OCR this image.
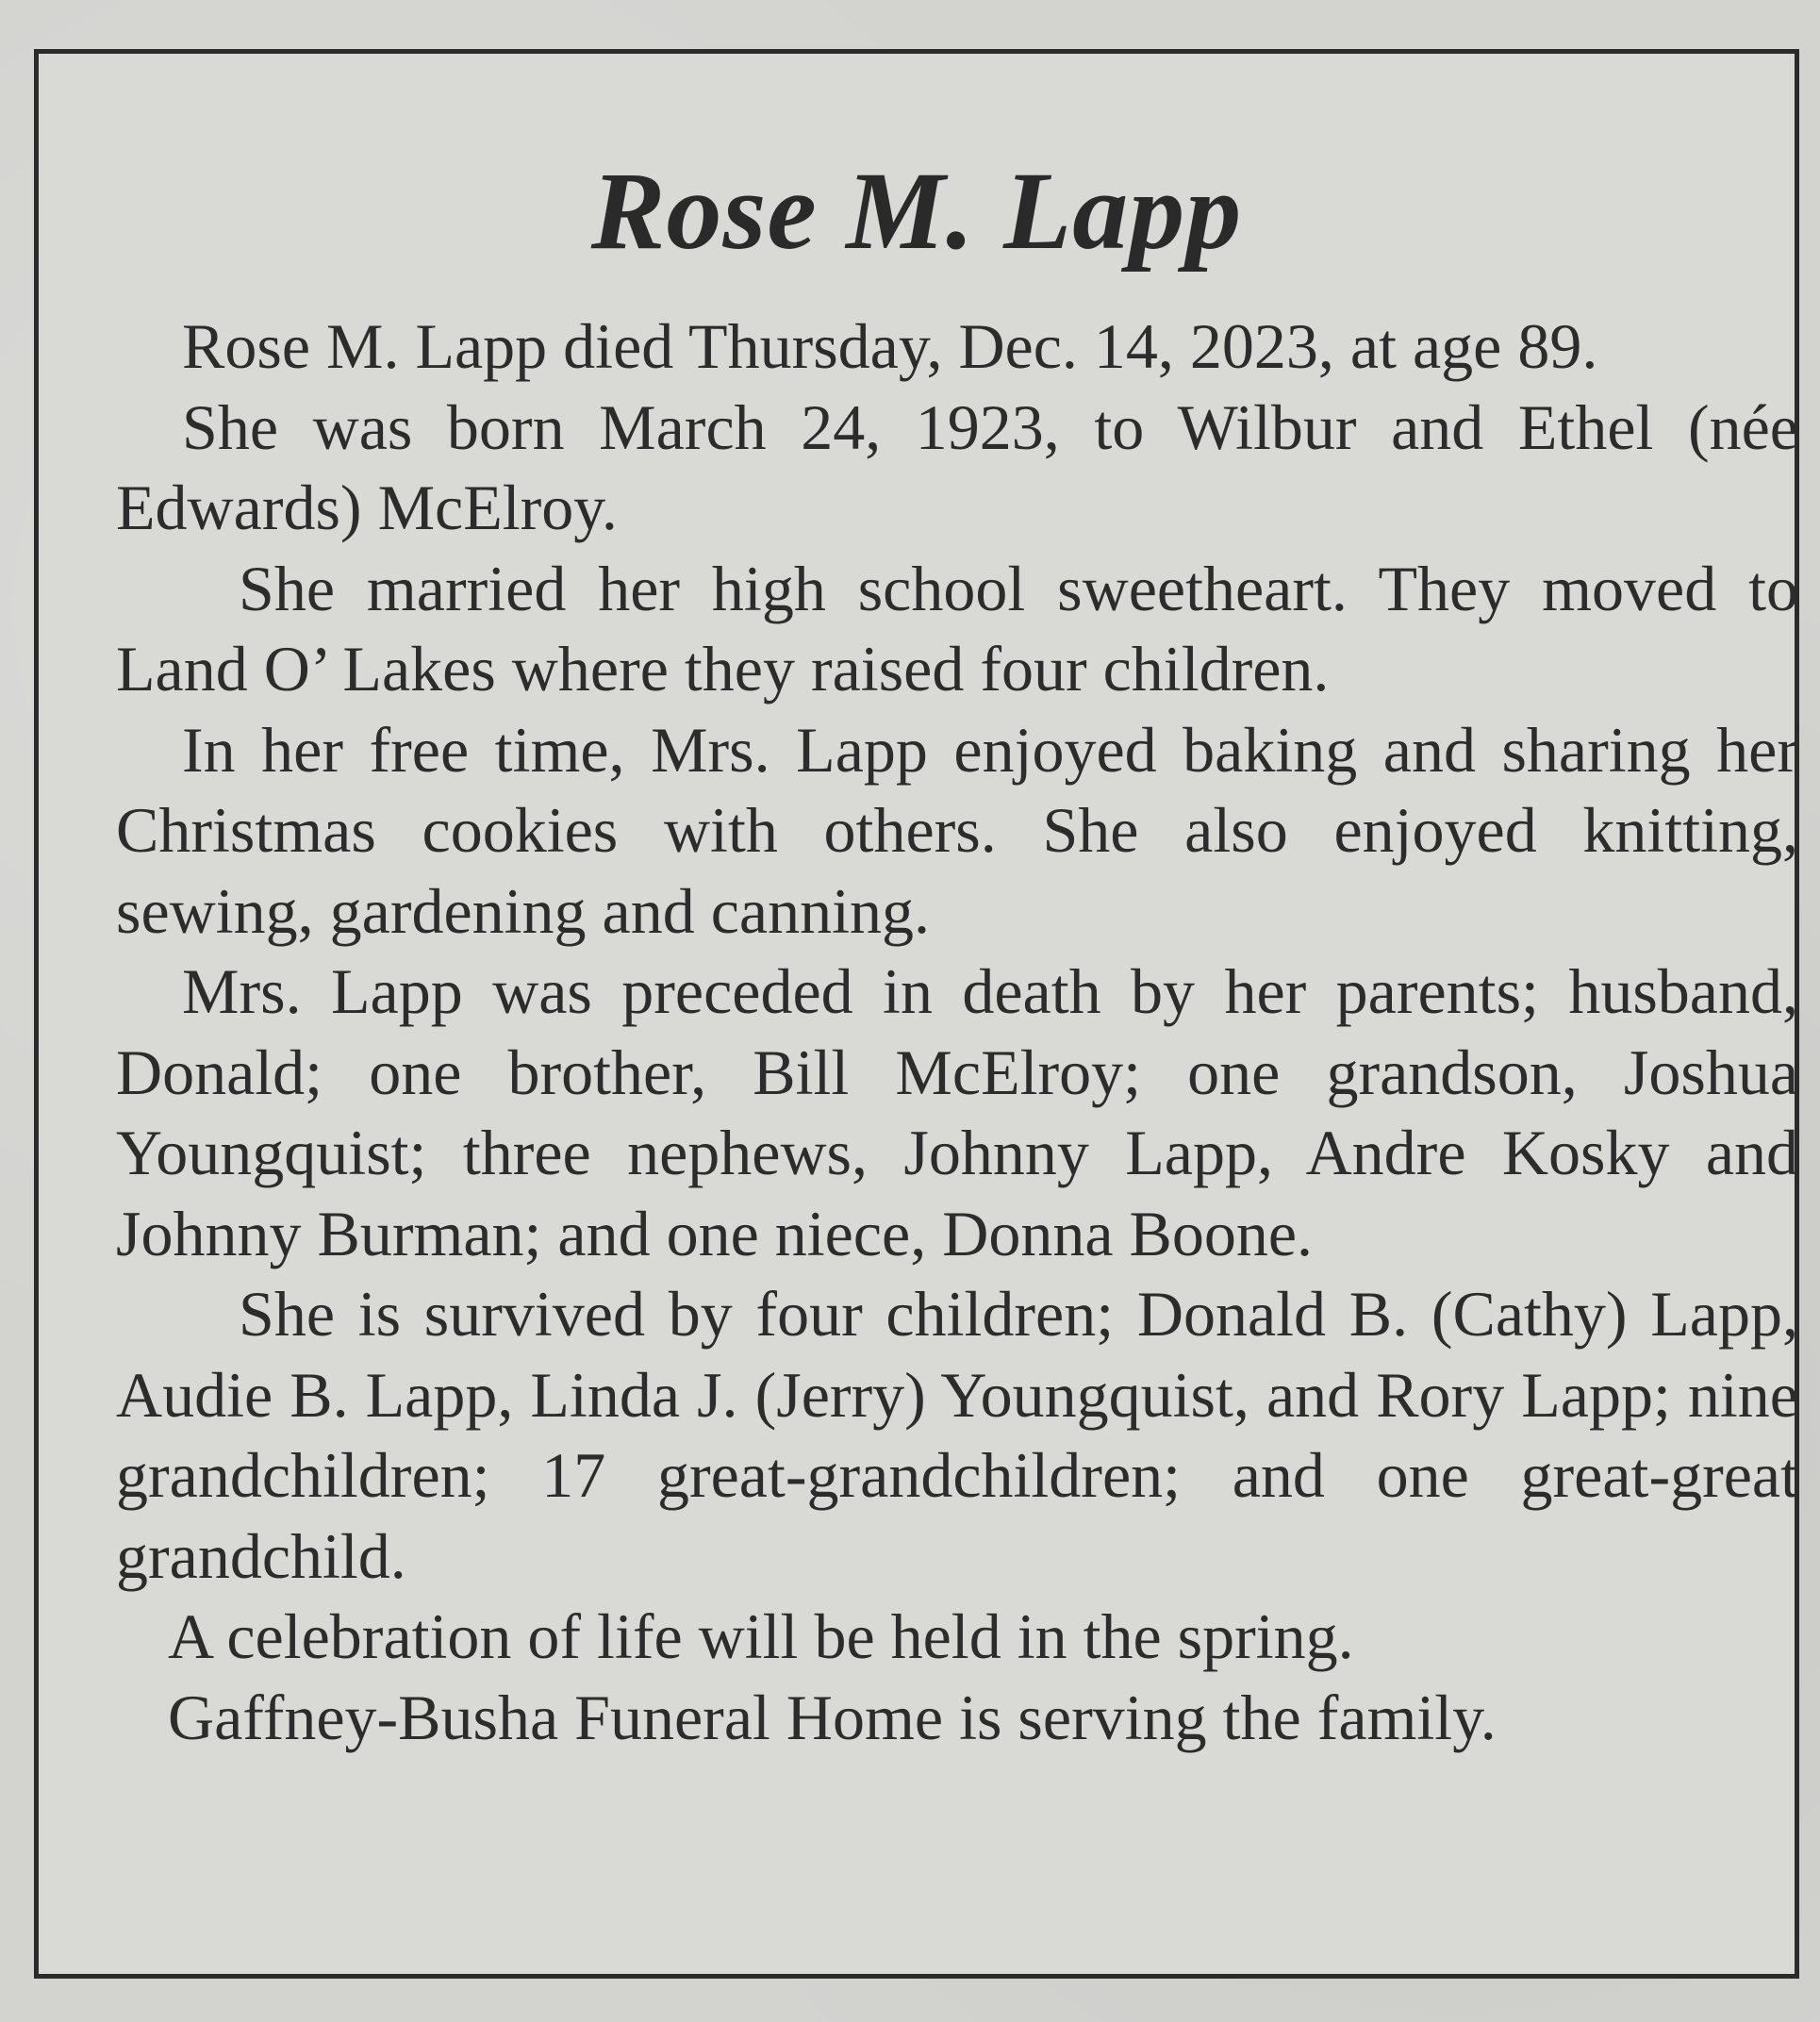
Rose M. Lapp

Rose M. Lapp died Thursday, Dec. 14, 2023, at age 89.

She was born March 24, 1923, to Wilbur and Ethel (née Edwards) McElroy.

She married her high school sweetheart. They moved to Land O’ Lakes where they raised four children.

In her free time, Mrs. Lapp enjoyed baking and sharing her Christmas cookies with others. She also enjoyed knitting, sewing, gardening and canning.

Mrs. Lapp was preceded in death by her parents; husband, Donald; one brother, Bill McElroy; one grandson, Joshua Youngquist; three nephews, Johnny Lapp, Andre Kosky and Johnny Burman; and one niece, Donna Boone.

She is survived by four children; Donald B. (Cathy) Lapp, Audie B. Lapp, Linda J. (Jerry) Youngquist, and Rory Lapp; nine grandchildren; 17 great-grandchildren; and one great-great grandchild.

A celebration of life will be held in the spring.

Gaffney-Busha Funeral Home is serving the family.
